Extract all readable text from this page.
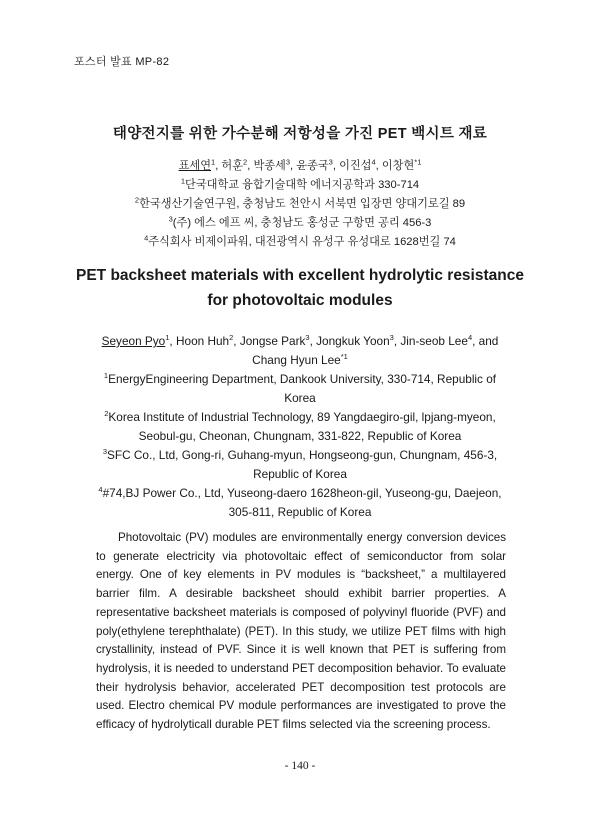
포스터 발표 MP-82
태양전지를 위한 가수분해 저항성을 가진 PET 백시트 재료
표세연$^1$, 허훈$^2$, 박종세$^3$, 윤종국$^3$, 이진섭$^4$, 이창현$^{*1}$
$^1$단국대학교 융합기술대학 에너지공학과 330-714
$^2$한국생산기술연구원, 충청남도 천안시 서북면 입장면 양대기로길 89
$^3$(주) 에스 에프 씨, 충청남도 홍성군 구항면 공리 456-3
$^4$주식회사 비제이파워, 대전광역시 유성구 유성대로 1628번길 74
PET backsheet materials with excellent hydrolytic resistance
for photovoltaic modules
Seyeon Pyo$^1$, Hoon Huh$^2$, Jongse Park$^3$, Jongkuk Yoon$^3$, Jin-seob Lee$^4$, and
Chang Hyun Lee$^{*1}$
$^1$EnergyEngineering Department, Dankook University, 330-714, Republic of
Korea
$^2$Korea Institute of Industrial Technology, 89 Yangdaegiro-gil, lpjang-myeon,
Seobul-gu, Cheonan, Chungnam, 331-822, Republic of Korea
$^3$SFC Co., Ltd, Gong-ri, Guhang-myun, Hongseong-gun, Chungnam, 456-3,
Republic of Korea
$^4$#74,BJ Power Co., Ltd, Yuseong-daero 1628heon-gil, Yuseong-gu, Daejeon,
305-811, Republic of Korea
Photovoltaic (PV) modules are environmentally energy conversion devices to generate electricity via photovoltaic effect of semiconductor from solar energy. One of key elements in PV modules is “backsheet,” a multilayered barrier film. A desirable backsheet should exhibit barrier properties. A representative backsheet materials is composed of polyvinyl fluoride (PVF) and poly(ethylene terephthalate) (PET). In this study, we utilize PET films with high crystallinity, instead of PVF. Since it is well known that PET is suffering from hydrolysis, it is needed to understand PET decomposition behavior. To evaluate their hydrolysis behavior, accelerated PET decomposition test protocols are used. Electro chemical PV module performances are investigated to prove the efficacy of hydrolyticall durable PET films selected via the screening process.
- 140 -
